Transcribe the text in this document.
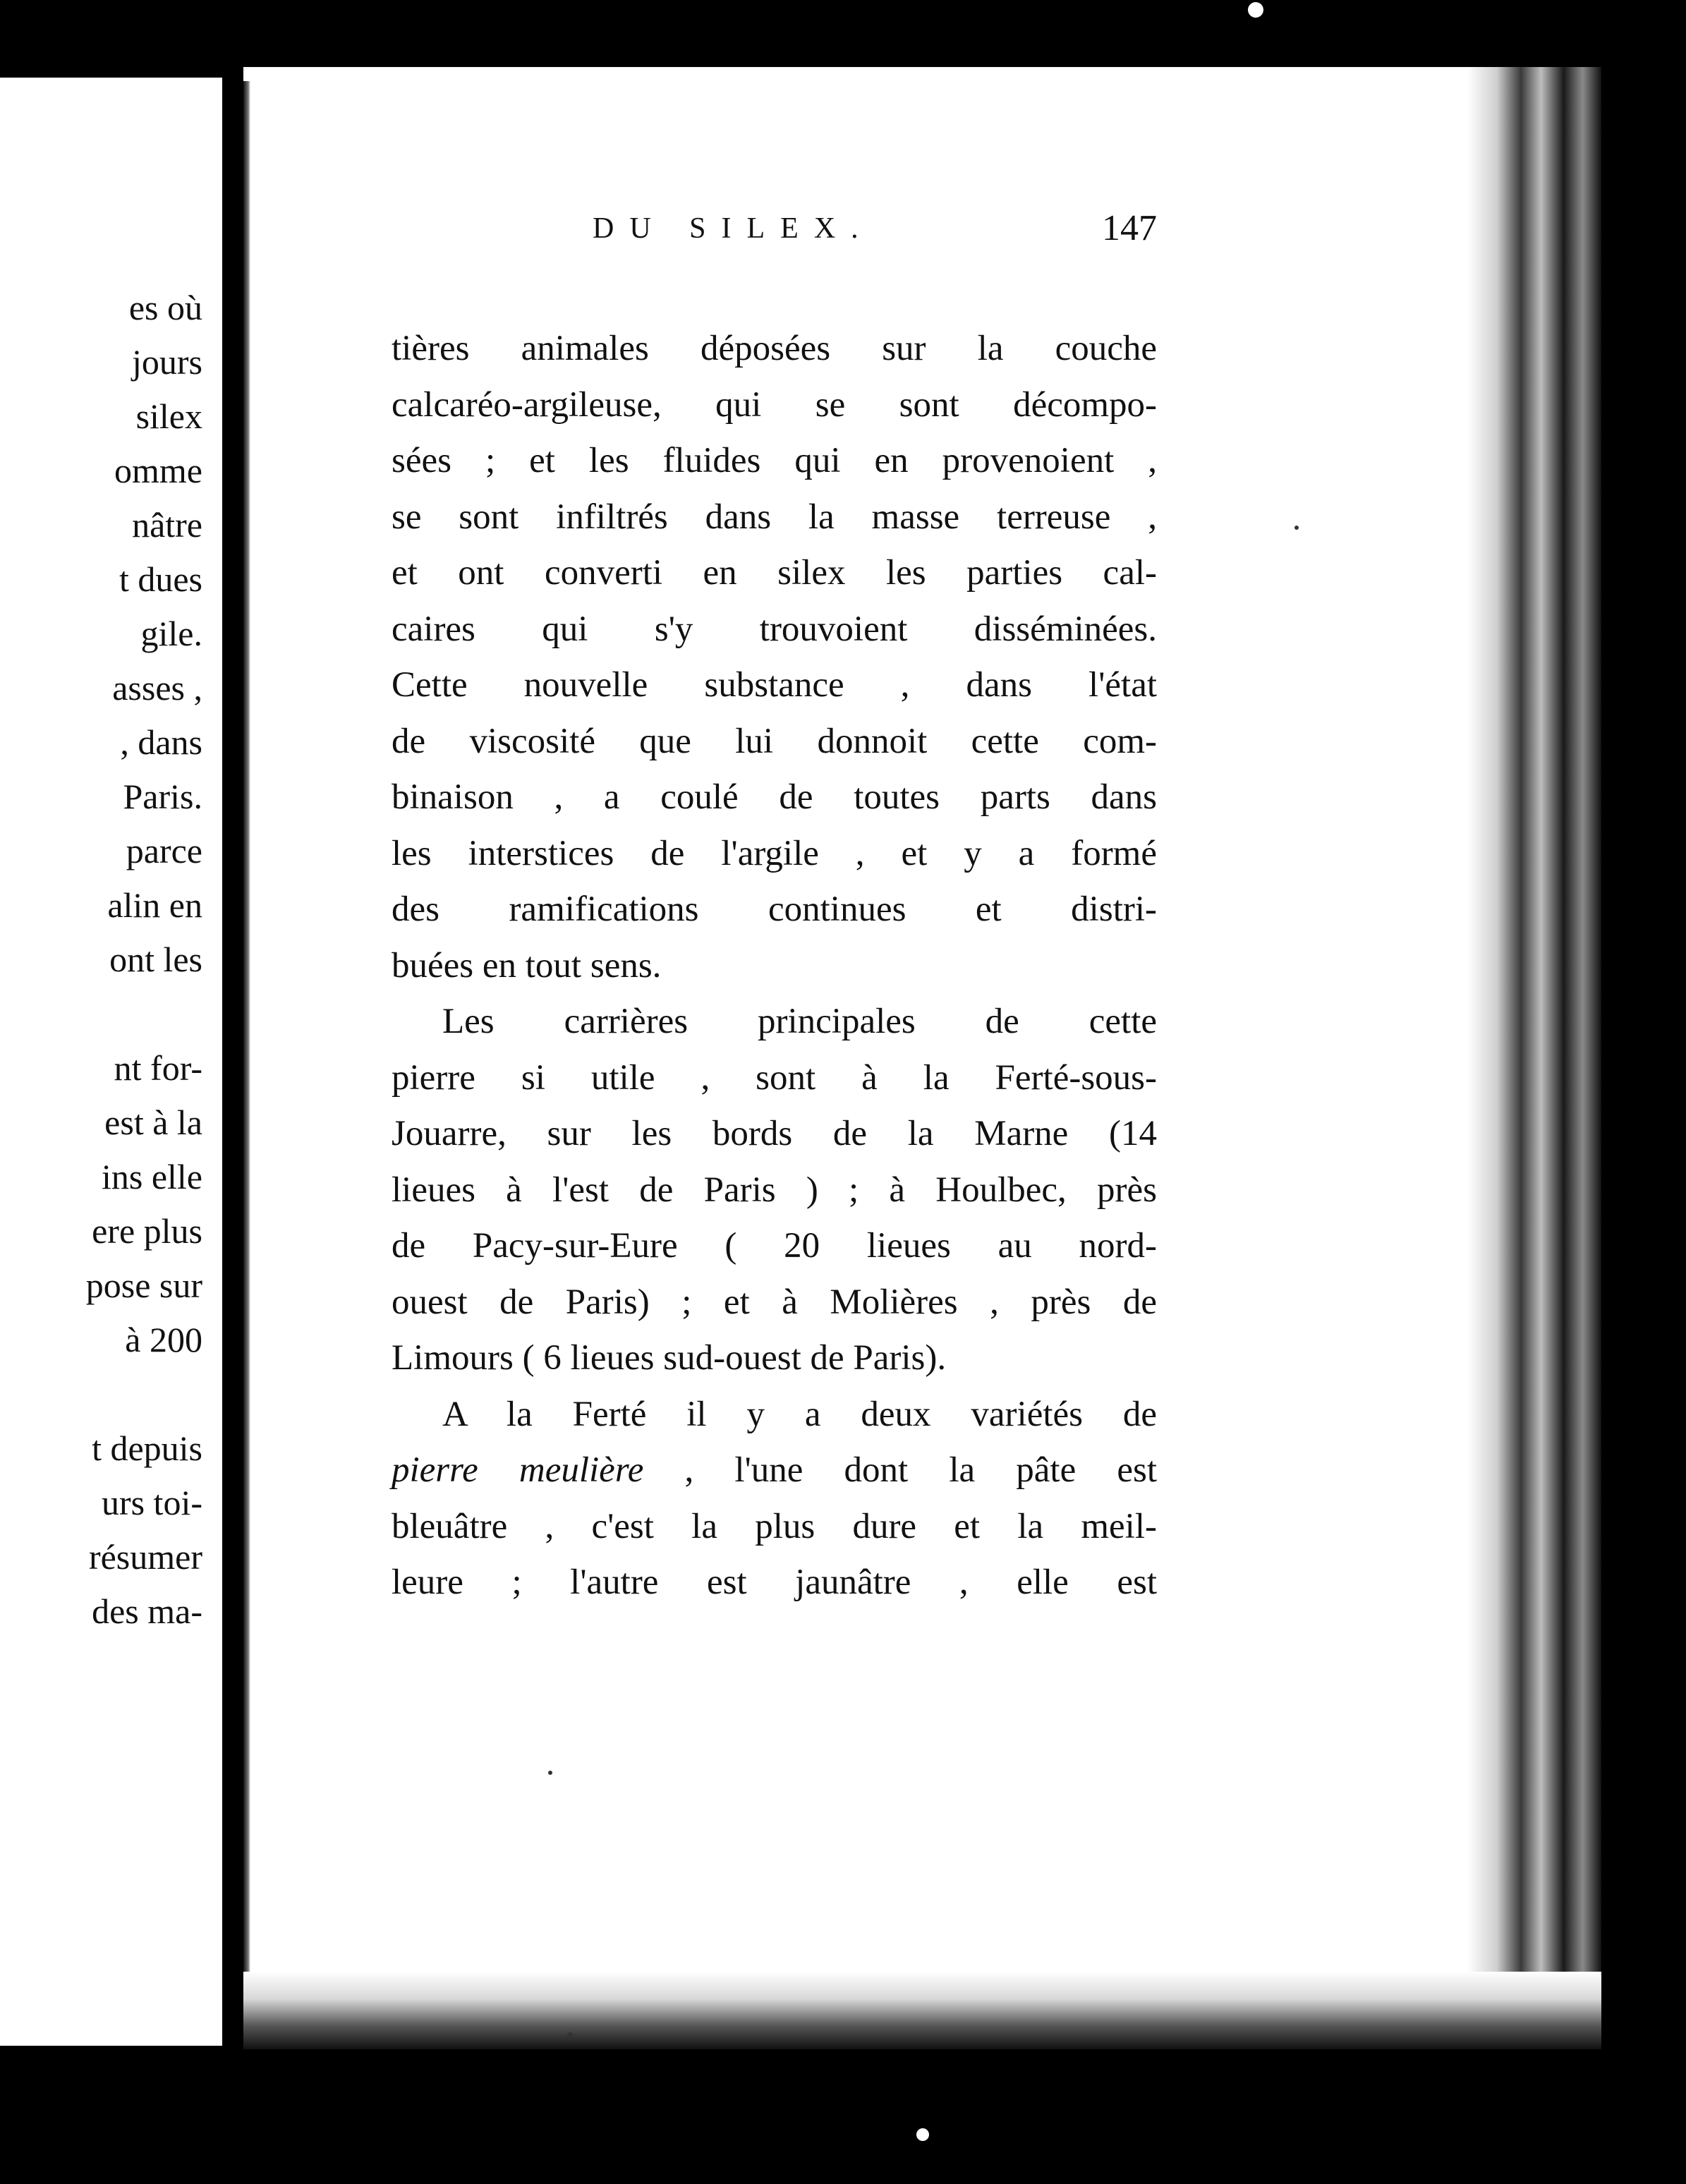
es où
jours
silex
omme
nâtre
t dues
gile.
asses ,
, dans
Paris.
parce
alin en
ont les
nt for-
est à la
ins elle
ere plus
pose sur
à 200
t depuis
urs toi-
résumer
des ma-
DU SILEX.	147
tières animales déposées sur la couche
calcaréo-argileuse, qui se sont décompo-
sées ; et les fluides qui en provenoient ,
se sont infiltrés dans la masse terreuse ,
et ont converti en silex les parties cal-
caires qui s'y trouvoient disséminées.
Cette nouvelle substance , dans l'état
de viscosité que lui donnoit cette com-
binaison , a coulé de toutes parts dans
les interstices de l'argile , et y a formé
des ramifications continues et distri-
buées en tout sens.
Les carrières principales de cette
pierre si utile , sont à la Ferté-sous-
Jouarre, sur les bords de la Marne (14
lieues à l'est de Paris ) ; à Houlbec, près
de Pacy-sur-Eure ( 20 lieues au nord-
ouest de Paris) ; et à Molières , près de
Limours ( 6 lieues sud-ouest de Paris).
A la Ferté il y a deux variétés de
pierre meulière , l'une dont la pâte est
bleuâtre , c'est la plus dure et la meil-
leure ; l'autre est jaunâtre , elle est
